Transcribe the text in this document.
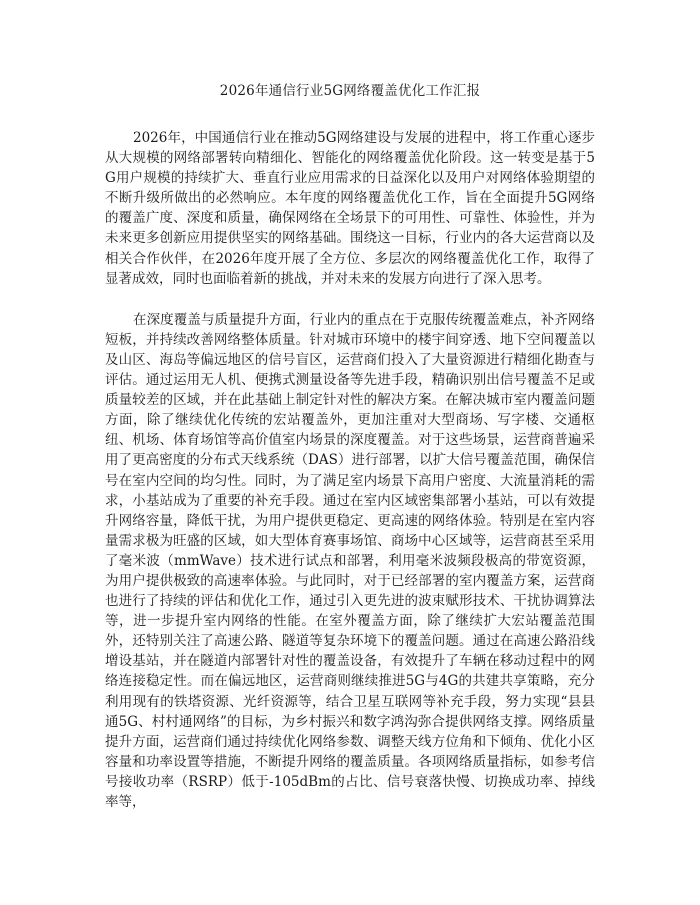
2026年通信行业5G网络覆盖优化工作汇报

2026年，中国通信行业在推动5G网络建设与发展的进程中，将工作重心逐步从大规模的网络部署转向精细化、智能化的网络覆盖优化阶段。这一转变是基于5G用户规模的持续扩大、垂直行业应用需求的日益深化以及用户对网络体验期望的不断升级所做出的必然响应。本年度的网络覆盖优化工作，旨在全面提升5G网络的覆盖广度、深度和质量，确保网络在全场景下的可用性、可靠性、体验性，并为未来更多创新应用提供坚实的网络基础。围绕这一目标，行业内的各大运营商以及相关合作伙伴，在2026年度开展了全方位、多层次的网络覆盖优化工作，取得了显著成效，同时也面临着新的挑战，并对未来的发展方向进行了深入思考。

在深度覆盖与质量提升方面，行业内的重点在于克服传统覆盖难点，补齐网络短板，并持续改善网络整体质量。针对城市环境中的楼宇间穿透、地下空间覆盖以及山区、海岛等偏远地区的信号盲区，运营商们投入了大量资源进行精细化勘查与评估。通过运用无人机、便携式测量设备等先进手段，精确识别出信号覆盖不足或质量较差的区域，并在此基础上制定针对性的解决方案。在解决城市室内覆盖问题方面，除了继续优化传统的宏站覆盖外，更加注重对大型商场、写字楼、交通枢纽、机场、体育场馆等高价值室内场景的深度覆盖。对于这些场景，运营商普遍采用了更高密度的分布式天线系统（DAS）进行部署，以扩大信号覆盖范围，确保信号在室内空间的均匀性。同时，为了满足室内场景下高用户密度、大流量消耗的需求，小基站成为了重要的补充手段。通过在室内区域密集部署小基站，可以有效提升网络容量，降低干扰，为用户提供更稳定、更高速的网络体验。特别是在室内容量需求极为旺盛的区域，如大型体育赛事场馆、商场中心区域等，运营商甚至采用了毫米波（mmWave）技术进行试点和部署，利用毫米波频段极高的带宽资源，为用户提供极致的高速率体验。与此同时，对于已经部署的室内覆盖方案，运营商也进行了持续的评估和优化工作，通过引入更先进的波束赋形技术、干扰协调算法等，进一步提升室内网络的性能。在室外覆盖方面，除了继续扩大宏站覆盖范围外，还特别关注了高速公路、隧道等复杂环境下的覆盖问题。通过在高速公路沿线增设基站，并在隧道内部署针对性的覆盖设备，有效提升了车辆在移动过程中的网络连接稳定性。而在偏远地区，运营商则继续推进5G与4G的共建共享策略，充分利用现有的铁塔资源、光纤资源等，结合卫星互联网等补充手段，努力实现“县县通5G、村村通网络”的目标，为乡村振兴和数字鸿沟弥合提供网络支撑。网络质量提升方面，运营商们通过持续优化网络参数、调整天线方位角和下倾角、优化小区容量和功率设置等措施，不断提升网络的覆盖质量。各项网络质量指标，如参考信号接收功率（RSRP）低于-105dBm的占比、信号衰落快慢、切换成功率、掉线率等，
